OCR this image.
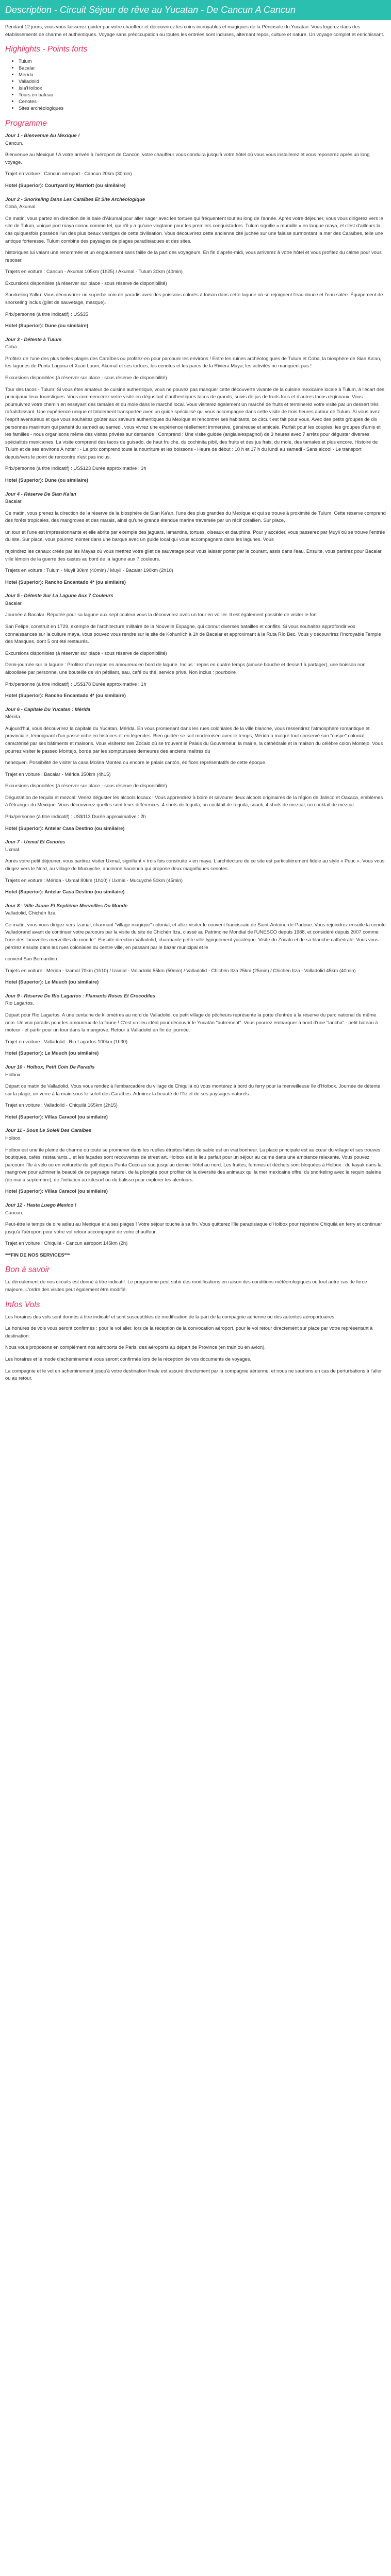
Description - Circuit Séjour de rêve au Yucatan - De Cancun A Cancun

Pendant 12 jours, vous vous laisserez guider par votre chauffeur et découvrirez les coins incroyables et magiques de la Péninsule du Yucatan. Vous logerez dans des établissements de charme et authentiques. Voyage sans préoccupation ou toutes les entrées sont incluses, alternant repos, culture et nature. Un voyage complet et enrichissant.

Highlights - Points forts
• Tulum
• Bacalar
• Merida
• Valladolid
• Isla'Holbox
• Tours en bateau
• Cenotes
• Sites archéologiques
Programme

Jour 1 - Bienvenue Au Mexique !

Cancun.

Bienvenue au Mexique ! A votre arrivée à l'aéroport de Cancún, votre chauffeur vous conduira jusqu'à votre hôtel où vous vous installerez et vous reposerez après un long voyage.

Trajet en voiture : Cancun aéroport - Cancun 20km (30min)

Hotel (Superior): Courtyard by Marriott (ou similaire)

Jour 2 - Snorkeling Dans Les Caraïbes Et Site Archéologique

Cobá, Akumal.

Ce matin, vous partez en direction de la baie d'Akumal pour aller nager avec les tortues qui fréquentent tout au long de l'année. Après votre déjeuner, vous vous dirigerez vers le site de Tulum, unique port maya connu comme tel, qui n'il y a qu'une vingtaine pour les premiers conquistadors. Tulum signifie « muraille » en langue maya, et c'est d'ailleurs la cas quiquesfois possédé l'un des plus beaux vestiges de cette civilisation. Vous découvrirez cette ancienne cité juchée sur une falaise surmontant la mer des Caraïbes, telle une antique forteresse. Tulum combine des paysages de plages paradisiaques et des sites.

historiques lui valant une renommée et un engouement sans faille de la part des voyageurs. En fin d'après-midi, vous arriverez à votre hôtel et vous profitez du calme pour vous reposer.

Trajets en voiture : Cancun - Akumal 105km (1h25) / Akumal - Tulum 30km (40min)

Excursions disponibles (à réserver sur place - sous réserve de disponibilité)

Snorkeling Yalku: Vous découvrirez un superbe coin de paradis avec des poissons colorés à foison dans cette lagune où se rejoignent l'eau douce et l'eau salée. Équipement de snorkeling inclus (gilet de sauvetage, masque).

Prix/personne (à titre indicatif) : US$35

Hotel (Superior): Dune (ou similaire)

Jour 3 - Détente à Tulum

Cobá.

Profitez de l'une des plus belles plages des Caraïbes ou profitez-en pour parcourir les environs ! Entre les ruines archéologiques de Tulum et Coba, la biosphère de Sian Ka'an, les lagunes de Punta Laguna et Xcan Luum, Akumal et ses tortues, les cenotes et les parcs de la Riviera Maya, les activités ne manquent pas !

Excursions disponibles (à réserver sur place - sous réserve de disponibilité)

Tour des tacos - Tulum: Si vous êtes amateur de cuisine authentique, vous ne pouvez pas manquer cette découverte vivante de la cuisine mexicaine locale à Tulum, à l'écart des principaux lieux touristiques. Vous commencerez votre visite en dégustant d'authentiques tacos de grands, suivis de jus de fruits frais et d'autres tacos régionaux. Vous poursuivrez votre chemin en essayant des tamales et du mole dans le marché local. Vous visiterez également un marché de fruits et terminerez votre visite par un dessert très rafraîchissant. Une expérience unique et totalement transportée avec un guide spécialisé qui vous accompagne dans cette visite de trois heures autour de Tulum. Si vous avez l'esprit aventureux et que vous souhaitez goûter aux saveurs authentiques du Mexique et rencontrer ses habitants, ce circuit est fait pour vous. Avec des petits groupes de dix personnes maximum qui partent du samedi au samedi, vous vivrez une expérience réellement immersive, généreuse et amicale. Parfait pour les couples, les groupes d'amis et les familles - nous organisons même des visites privées sur demande ! Comprend : Une visite guidée (anglais/espagnol) de 3 heures avec 7 arrêts pour déguster diverses spécialités mexicaines. La visite comprend des tacos de guisado, de haut fruiche, du cochinita pibil, des fruits et des jus frais, du mole, des tamales et plus encore. Histoire de Tulum et de ses environs À noter : - La prix comprend toute la nourriture et les boissons - Heure de début : 10 h et 17 h du lundi au samedi - Sans alcool - Le transport depuis/vers le point de rencontre n'est pas inclus.

Prix/personne (à titre indicatif) : US$123 Durée approximative : 3h

Hotel (Superior): Dune (ou similaire)

Jour 4 - Réserve De Sian Ka'an

Bacalar.

Ce matin, vous prenez la direction de la réserve de la biosphère de Sian Ka'an, l'une des plus grandes du Mexique et qui se trouve à proximité de Tulum. Cette réserve comprend des forêts tropicales, des mangroves et des marais, ainsi qu'une grande étendue marine traversée par un récif corallien. Sur place,

un tour et l'une est impressionnante et elle abrite par exemple des jaguars, lamantins, tortues, oiseaux et dauphins. Pour y accéder, vous passerez par Muyil où se trouve l'entrée du site. Sur place, vous pourrez monter dans une barque avec un guide local qui vous accompagnera dans les lagunes. Vous

rejoindrez les canaux créés par les Mayas où vous mettrez votre gilet de sauvetage pour vous laisser porter par le courant, assis dans l'eau. Ensuite, vous partirez pour Bacalar, ville lémoin de la guerre des castes au bord de la lagune aux 7 couleurs.

Trajets en voiture : Tulum - Muyil 30km (40min) / Muyil - Bacalar 190km (2h10)

Hotel (Superior): Rancho Encantado 4* (ou similaire)

Jour 5 - Détente Sur La Lagune Aux 7 Couleurs

Bacalar.

Journée à Bacalar. Réputée pour sa lagune aux sept couleur vous la découvrirez avec un tour en voilier. Il est également possible de visiter le fort

San Felipe, construit en 1729, exemple de l'architecture militaire de la Nouvelle Espagne, qui connut diverses batailles et conflits. Si vous souhaitez approfondir vos connaissances sur la culture maya, vous pouvez vous rendre sur le site de Kohunlich à 1h de Bacalar et approximant à la Ruta Río Bec. Vous y découvrirez l'incroyable Temple des Masques, dont 5 ont été restaurés.

Excursions disponibles (à réserver sur place - sous réserve de disponibilité)

Demi-journée sur la lagune : Profitez d'un repas en amoureux en bord de lagune. Inclus : repas en quatre temps (amuse bouche et dessert à partager), une boisson non alcoolisée par personne, une bouteille de vin pétillant, eau, café ou thé, service privé. Non inclus : pourboire

Prix/personne (à titre indicatif) : US$178 Durée approximative : 1h

Hotel (Superior): Rancho Encantado 4* (ou similaire)

Jour 6 - Capitale Du Yucatan : Mérida

Mérida.

Aujourd'hui, vous découvrirez la capitale du Yucatan, Mérida. En vous promenant dans les rues coloniales de la ville blanche, vous ressentirez l'atmosphère romantique et provinciale, témoignant d'un passé riche en histoires et en légendes. Bien guidée se soit modernisée avec le temps, Mérida a malgré tout conservé son "cuspe" colonial, caractérisé par ses bâtiments et maisons. Vous visiterez ses Zocalo où se trouvent le Palais du Gouverneur, la mairie, la cathédrale et la maison du célèbre colon Montejo. Vous pourrez visiter le passeo Montejo, bordé par les sompturuses demeures des anciens maîtres du

henequen. Possibilité de visiter la casa Molina Montea ou encore le palais cantón, édifices représentatifs de cette époque.

Trajet en voiture : Bacalar - Mérida 350km (4h15)

Excursions disponibles (à réserver sur place - sous réserve de disponibilité)

Dégustation de tequila et mezcal: Venez déguster les alcools locaux ! Vous apprendrez à boire et savourer deux alcools originaires de la région de Jalisco et Oaxaca, emblèmes à l'étranger du Mexique. Vous découvrirez quelles sont leurs différences. 4 shots de tequila, un cocktail de tequila, snack, 4 shots de mezcal, un cocktail de mezcal

Prix/personne (à titre indicatif) : US$113 Durée approximative : 2h

Hotel (Superior): Antelar Casa Destino (ou similaire)

Jour 7 - Uxmal Et Cenotes

Uxmal.

Après votre petit déjeuner, vous partirez visiter Uxmal, signifiant « trois fois construite » en maya. L'architecture de ce site est particulièrement fidèle au style « Puuc ». Vous vous dirigez vers le Nord, au village de Mucuyche, ancienne hacienda qui propose deux magnifiques cenotes.

Trajets en voiture : Mérida - Uxmal 80km (1h10) / Uxmal - Mucuyche 50km (45min)

Hotel (Superior): Antelar Casa Destino (ou similaire)

Jour 8 - Ville Jaune Et Septième Merveilles Du Monde

Valladolid, Chichén Itza.

Ce matin, vous vous dirigez vers Izamal, charmant "village magique" colonial, et allez visiter le couvent franciscain de Saint-Antoine-de-Padoue. Vous rejoindrez ensuite la cenote Valladorand avant de continuer votre parcours par la visite du site de Chichén Itza, classé au Patrimoine Mondial de l'UNESCO depuis 1988, et considéré depuis 2007 comme l'une des "nouvelles merveilles du monde". Ensuite direction Valladolid, charmante petite ville typiquement yucatèque. Visite du Zocalo et de sa blanche cathédrale. Vous vous perdrez ensuite dans les rues coloniales du centre ville, en passant par le bazar municipal et le

couvent San Bernardino.

Trajets en voiture : Mérida - Izamal 70km (1h10) / Izamal - Valladolid 55km (50min) / Valladolid - Chichén Itza 25km (25min) / Chichén Itza - Valladolid 45km (40min)

Hotel (Superior): Le Muuch (ou similaire)

Jour 9 - Réserve De Rio Lagartos : Flamants Roses Et Crocodiles

Rio Lagartos.

Départ pour Rio Lagartos. A une centaine de kilomètres au nord de Valladolid, ce petit village de pêcheurs représente la porte d'entrée à la réserve du parc national du même nom. Un vrai paradis pour les amoureux de la faune ! C'est un lieu idéal pour découvrir le Yucatán "autrement". Vous pourrez embarquer à bord d'une "lancha" - petit bateau à moteur - et partir pour un tour dans la mangrove. Retour à Valladolid en fin de journée.

Trajet en voiture : Valladolid - Rio Lagartos 100km (1h30)

Hotel (Superior): Le Muuch (ou similaire)

Jour 10 - Holbox, Petit Coin De Paradis

Holbox.

Départ ce matin de Valladolid. Vous vous rendez à l'embarcadère du village de Chiquilá où vous monterez à bord du ferry pour la merveilleuse île d'Holbox. Journée de détente sur la plage, un verre à la main sous le soleil des Caraïbes. Admirez la beauté de l'île et de ses paysages naturels.

Trajet en voiture : Valladolid - Chiquilá 165km (2h15)

Hotel (Superior): Villas Caracol (ou similaire)

Jour 11 - Sous Le Soleil Des Caraïbes

Holbox.

Holbox est une île pleine de charme où toute se promener dans les ruelles étroites faites de sable est un vrai bonheur. La place principale est au cœur du village et ses trouves boutiques, cafés, restaurants... et les façades sont recouvertes de street art. Holbox est le lieu parfait pour un séjour au calme dans une ambiance relaxante. Vous pouvez parcourir l'île à vélo ou en voiturette de golf depuis Punta Coco au sud jusqu'au dernier hôtel au nord. Les fruites, femmes et déchets sont bloquées à Holbox : du kayak dans la mangrove pour admirer la beauté de ce paysage naturel, de la plongée pour profiter de la diversité des animaux qui la mer mexicaine offre, du snorkeling avec le requin baleine (de mai à septembre), de l'initiation au kitesurf ou du balisso pour explorer les alentours.

Hotel (Superior): Villas Caracol (ou similaire)

Jour 12 - Hasta Luego Mexico !

Cancun.

Peut-être le temps de dire adieu au Mexique et à ses plages ! Votre séjour touche à sa fin. Vous quitterez l'île paradisiaque d'Holbox pour rejoindre Chiquilá en ferry et continuer jusqu'à l'aéroport pour votre vol retour accompagné de votre chauffeur.

Trajet en voiture : Chiquilá - Cancun aéroport 145km (2h)

***FIN DE NOS SERVICES***

Bon à savoir

Le déroulement de nos circuits est donné à titre indicatif. Le programme peut subir des modifications en raison des conditions météorologiques ou tout autre cas de force majeure. L'ordre des visites peut également être modifié.

Infos Vols

Les horaires des vols sont donnés à titre indicatif et sont susceptibles de modification de la part de la compagnie aérienne ou des autorités aéroportuaires.

Le horaires de vols vous seront confirmés : pour le vol aller, lors de la réception de la convocation aéroport, pour le vol retour directement sur place par votre représentant à destination.

Nous vous proposons en complément nos aéroports de Paris, des aéroports au départ de Province (en train ou en avion).

Les horaires et le mode d'acheminement vous seront confirmés lors de la réception de vos documents de voyages.

La compagnie et le vol en acheminement jusqu'à votre destination finale est assuré directement par la compagnie aérienne, et nous ne saurions en cas de perturbations à l'aller ou au retour.
